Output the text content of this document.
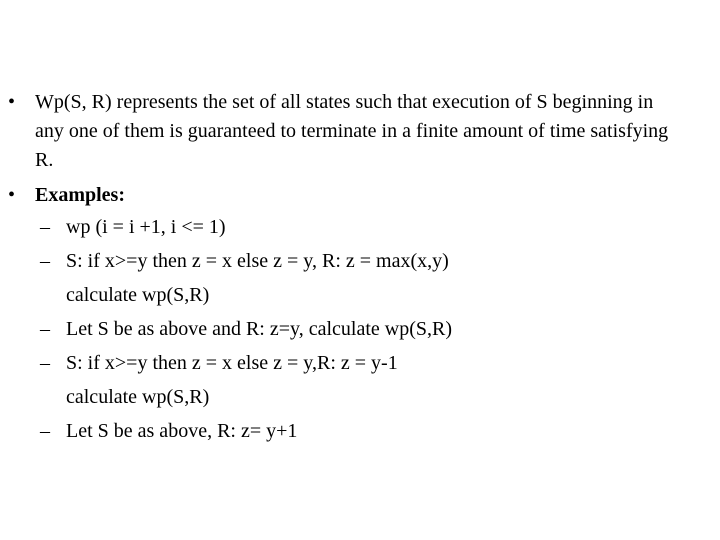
• Wp(S, R) represents the set of all states such that execution of S beginning in any one of them is guaranteed to terminate in a finite amount of time satisfying R.
• Examples:
– wp (i = i +1, i <= 1)
– S: if x>=y then z = x else z = y, R: z = max(x,y)
calculate wp(S,R)
– Let S be as above and R: z=y, calculate wp(S,R)
– S: if x>=y then z = x else z = y,R: z = y-1
calculate wp(S,R)
– Let S be as above, R: z= y+1
